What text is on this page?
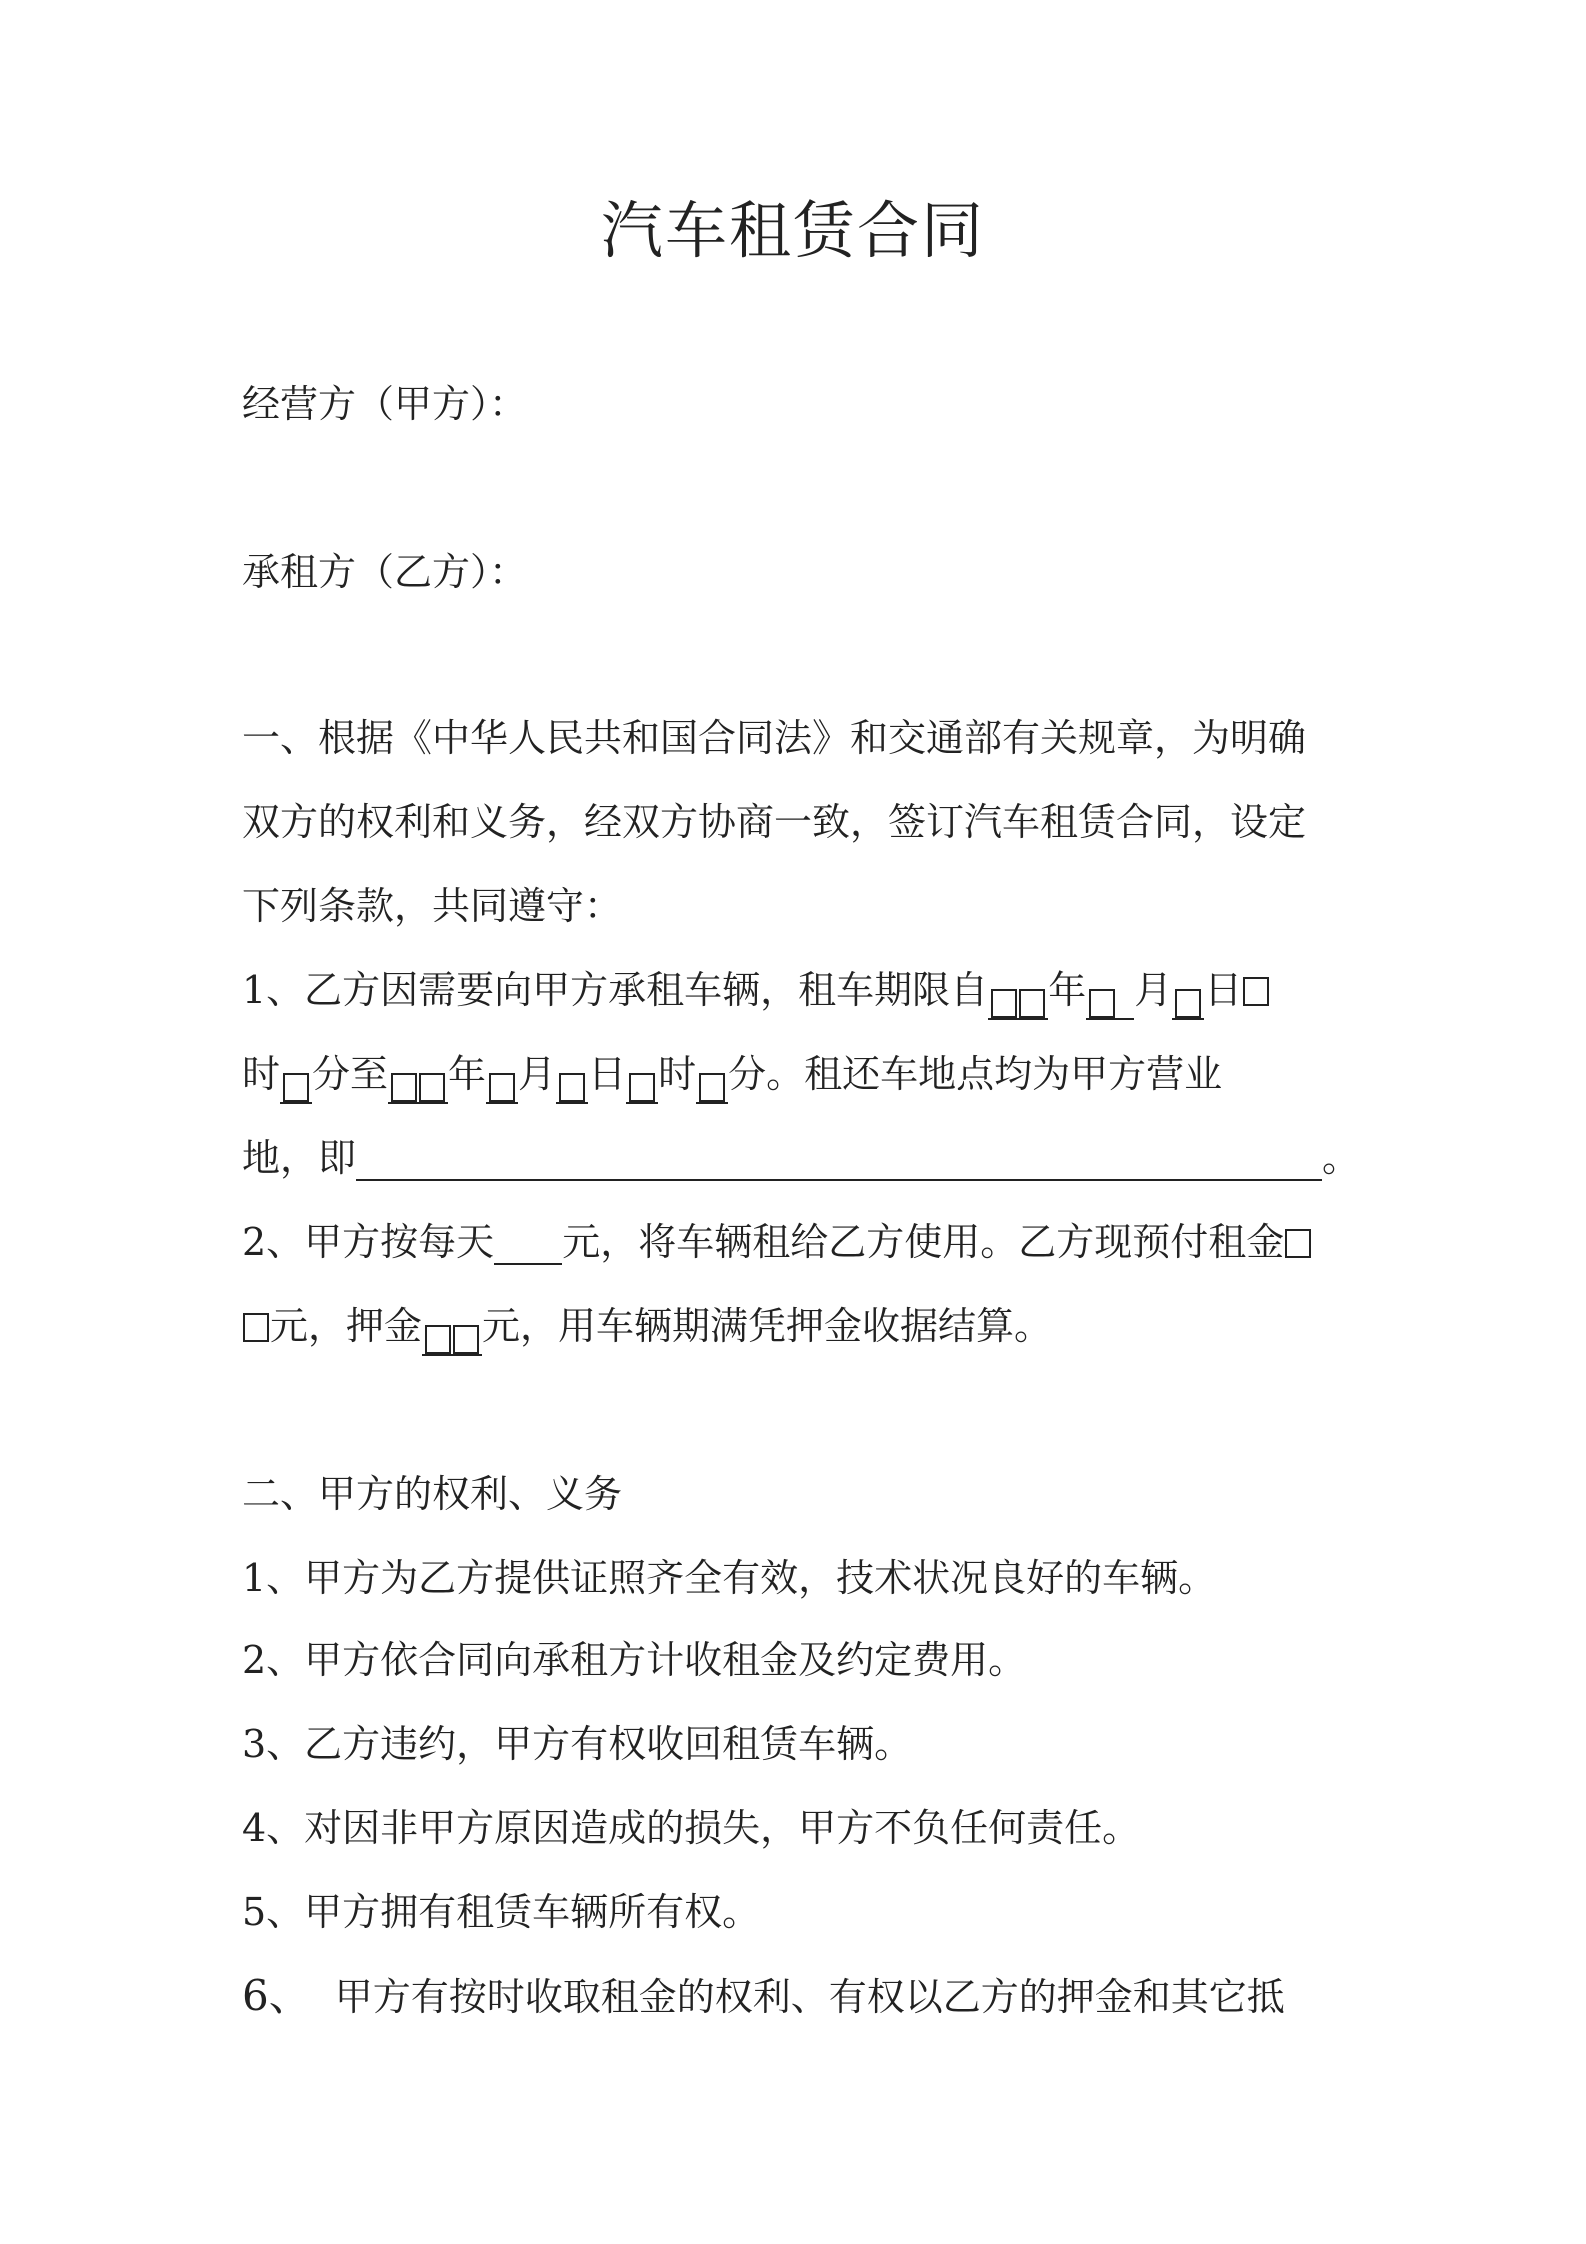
汽车租赁合同
经营方（甲方）：
承租方（乙方）：
一、根据《中华人民共和国合同法》和交通部有关规章，为明确
双方的权利和义务，经双方协商一致，签订汽车租赁合同，设定
下列条款，共同遵守：
1、乙方因需要向甲方承租车辆，租车期限自 年 月 日
时 分至 年 月 日 时 分。租还车地点均为甲方营业
地，即	。
2、甲方按每天 元，将车辆租给乙方使用。乙方现预付租金
元，押金 元，用车辆期满凭押金收据结算。
二、甲方的权利、义务
1、甲方为乙方提供证照齐全有效，技术状况良好的车辆。
2、甲方依合同向承租方计收租金及约定费用。
3、乙方违约，甲方有权收回租赁车辆。
4、对因非甲方原因造成的损失，甲方不负任何责任。
5、甲方拥有租赁车辆所有权。
6、 甲方有按时收取租金的权利、有权以乙方的押金和其它抵
